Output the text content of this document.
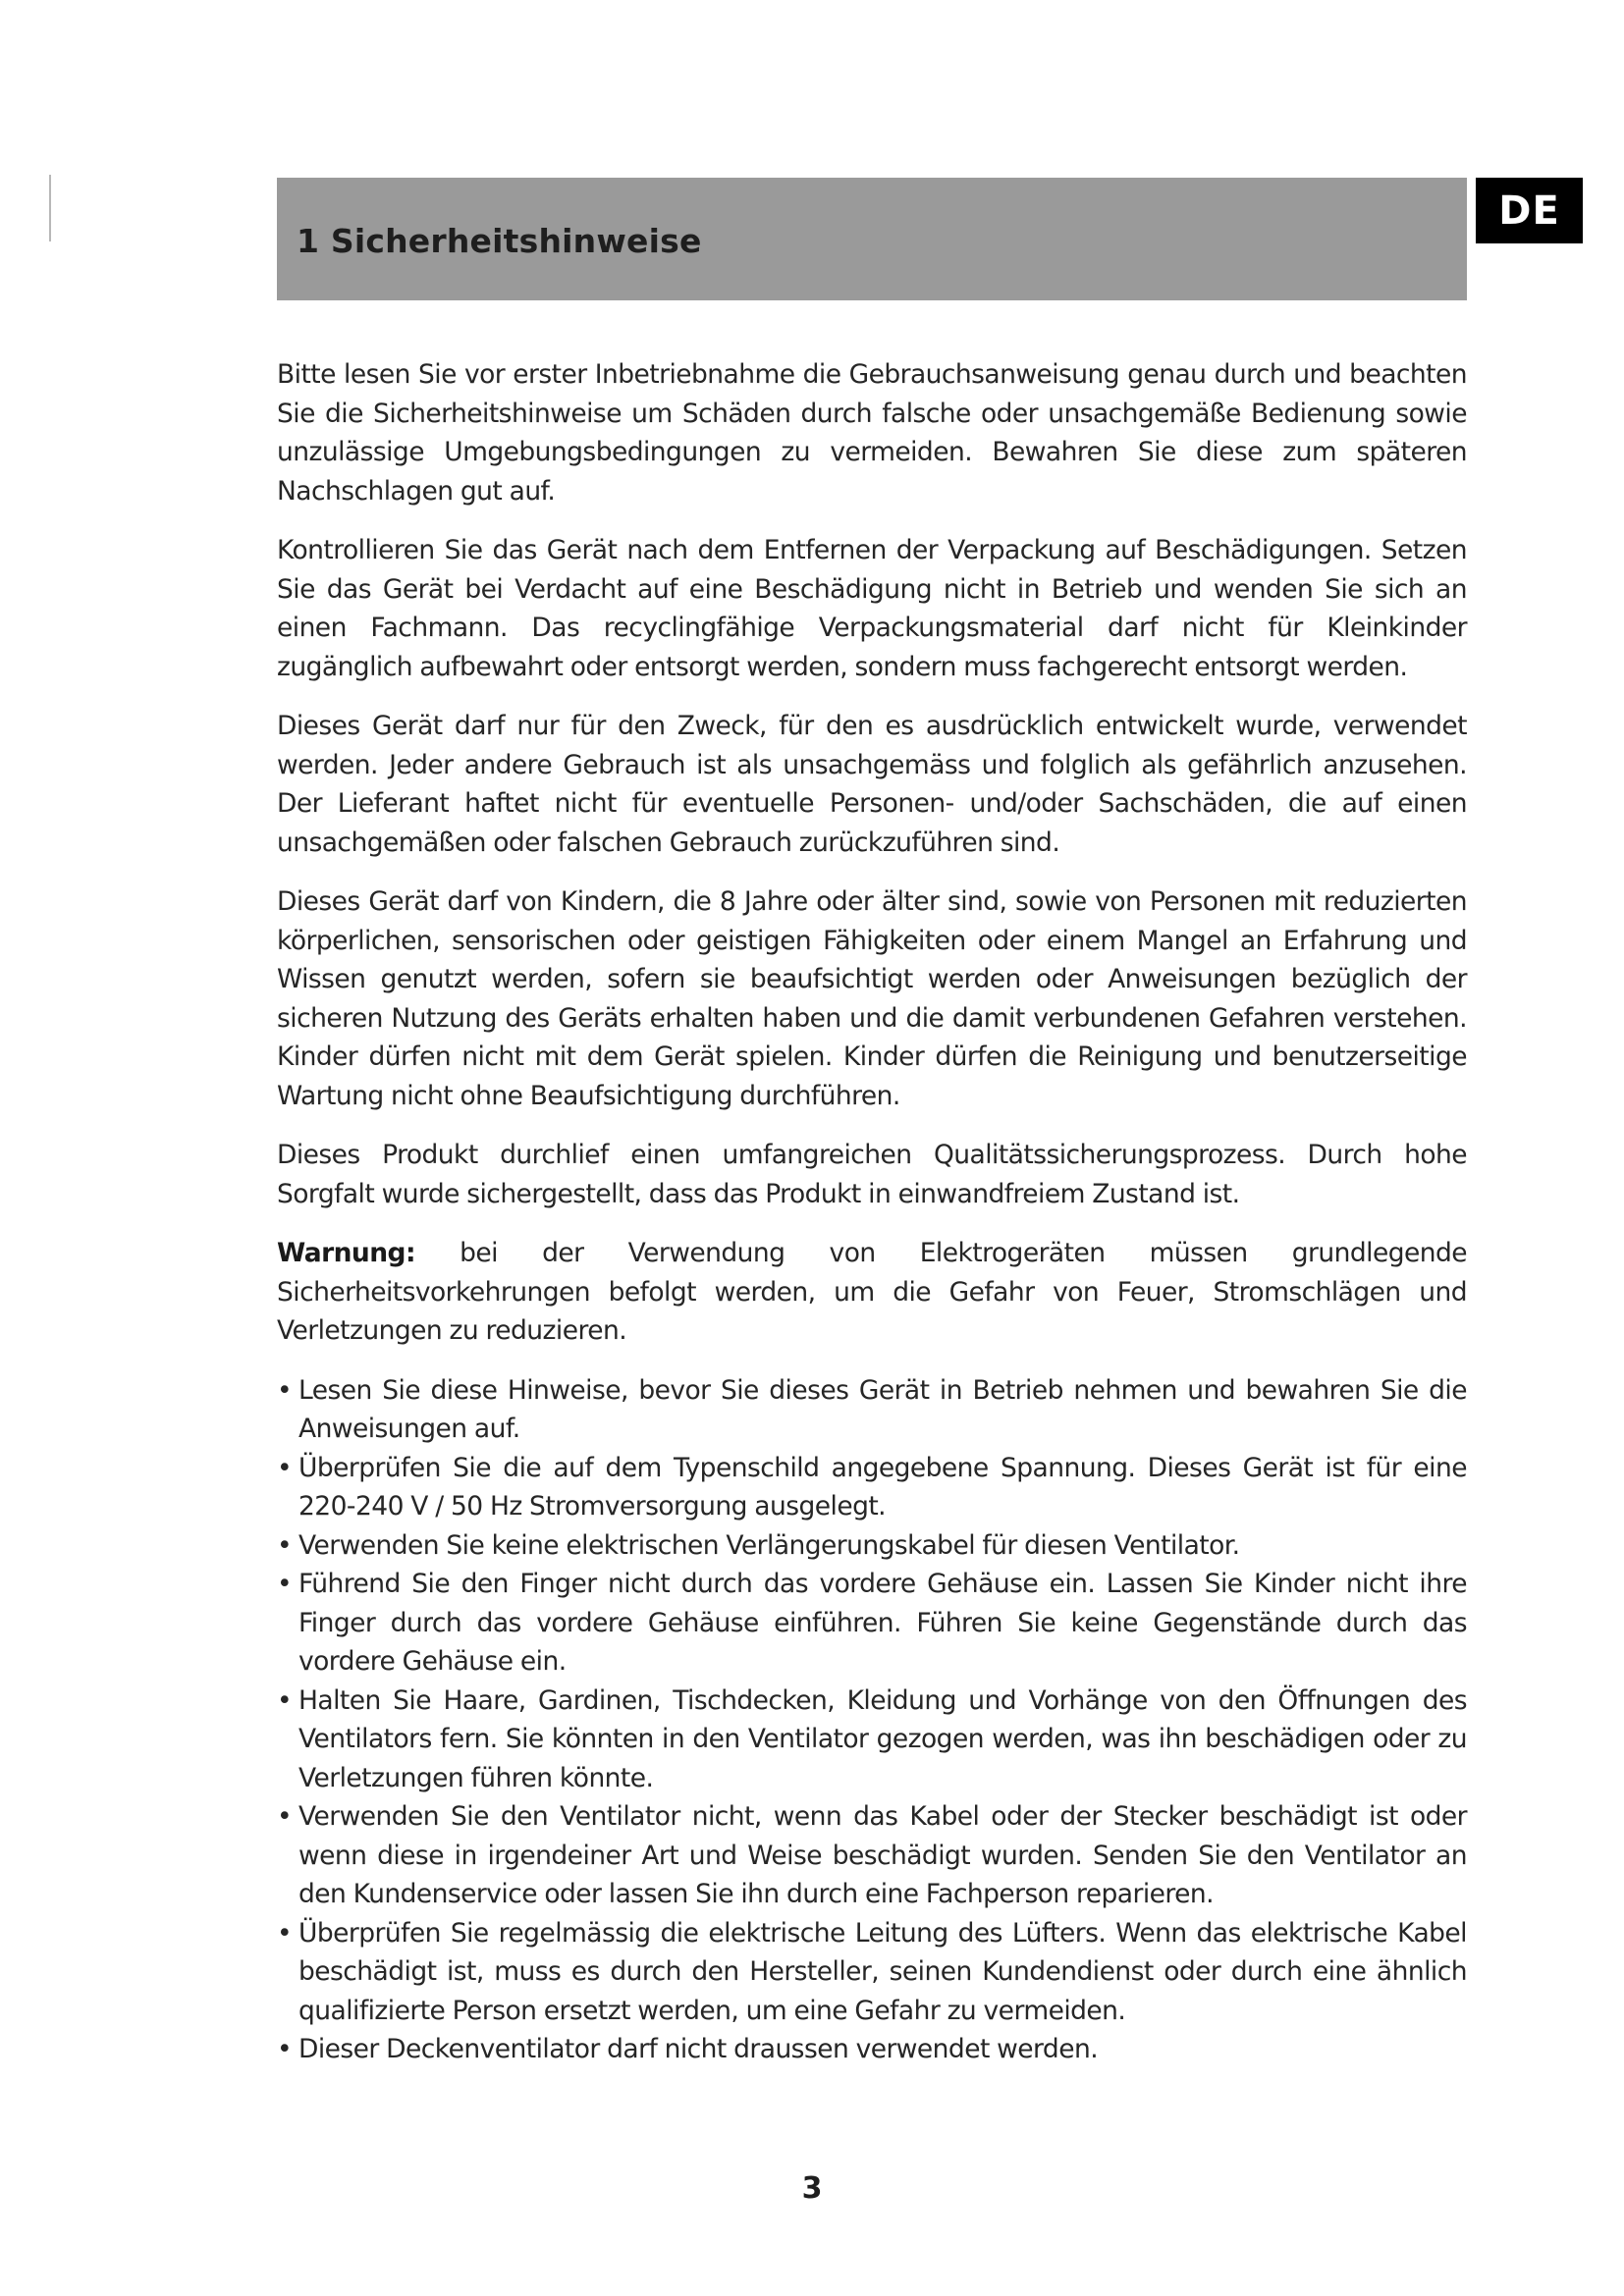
1 Sicherheitshinweise
DE

Bitte lesen Sie vor erster Inbetriebnahme die Gebrauchsanweisung genau durch und beachten Sie die Sicherheitshinweise um Schäden durch falsche oder unsachgemäße Bedienung sowie unzulässige Umgebungsbedingungen zu vermeiden. Bewahren Sie diese zum späteren Nachschlagen gut auf.

Kontrollieren Sie das Gerät nach dem Entfernen der Verpackung auf Beschädigungen. Setzen Sie das Gerät bei Verdacht auf eine Beschädigung nicht in Betrieb und wenden Sie sich an einen Fachmann. Das recyclingfähige Verpackungsmaterial darf nicht für Kleinkinder zugänglich aufbewahrt oder entsorgt werden, sondern muss fachgerecht entsorgt werden.

Dieses Gerät darf nur für den Zweck, für den es ausdrücklich entwickelt wurde, verwendet werden. Jeder andere Gebrauch ist als unsachgemäss und folglich als gefährlich anzusehen. Der Lieferant haftet nicht für eventuelle Personen- und/oder Sachschäden, die auf einen unsachgemäßen oder falschen Gebrauch zurückzuführen sind.

Dieses Gerät darf von Kindern, die 8 Jahre oder älter sind, sowie von Personen mit reduzierten körperlichen, sensorischen oder geistigen Fähigkeiten oder einem Mangel an Erfahrung und Wissen genutzt werden, sofern sie beaufsichtigt werden oder Anweisungen bezüglich der sicheren Nutzung des Geräts erhalten haben und die damit verbundenen Gefahren verstehen. Kinder dürfen nicht mit dem Gerät spielen. Kinder dürfen die Reinigung und benutzerseitige Wartung nicht ohne Beaufsichtigung durchführen.

Dieses Produkt durchlief einen umfangreichen Qualitätssicherungsprozess. Durch hohe Sorgfalt wurde sichergestellt, dass das Produkt in einwandfreiem Zustand ist.

Warnung: bei der Verwendung von Elektrogeräten müssen grundlegende Sicherheitsvorkehrungen befolgt werden, um die Gefahr von Feuer, Stromschlägen und Verletzungen zu reduzieren.

• Lesen Sie diese Hinweise, bevor Sie dieses Gerät in Betrieb nehmen und bewahren Sie die Anweisungen auf.
• Überprüfen Sie die auf dem Typenschild angegebene Spannung. Dieses Gerät ist für eine 220-240 V / 50 Hz Stromversorgung ausgelegt.
• Verwenden Sie keine elektrischen Verlängerungskabel für diesen Ventilator.
• Führend Sie den Finger nicht durch das vordere Gehäuse ein. Lassen Sie Kinder nicht ihre Finger durch das vordere Gehäuse einführen. Führen Sie keine Gegenstände durch das vordere Gehäuse ein.
• Halten Sie Haare, Gardinen, Tischdecken, Kleidung und Vorhänge von den Öffnungen des Ventilators fern. Sie könnten in den Ventilator gezogen werden, was ihn beschädigen oder zu Verletzungen führen könnte.
• Verwenden Sie den Ventilator nicht, wenn das Kabel oder der Stecker beschädigt ist oder wenn diese in irgendeiner Art und Weise beschädigt wurden. Senden Sie den Ventilator an den Kundenservice oder lassen Sie ihn durch eine Fachperson reparieren.
• Überprüfen Sie regelmässig die elektrische Leitung des Lüfters. Wenn das elektrische Kabel beschädigt ist, muss es durch den Hersteller, seinen Kundendienst oder durch eine ähnlich qualifizierte Person ersetzt werden, um eine Gefahr zu vermeiden.
• Dieser Deckenventilator darf nicht draussen verwendet werden.
3
